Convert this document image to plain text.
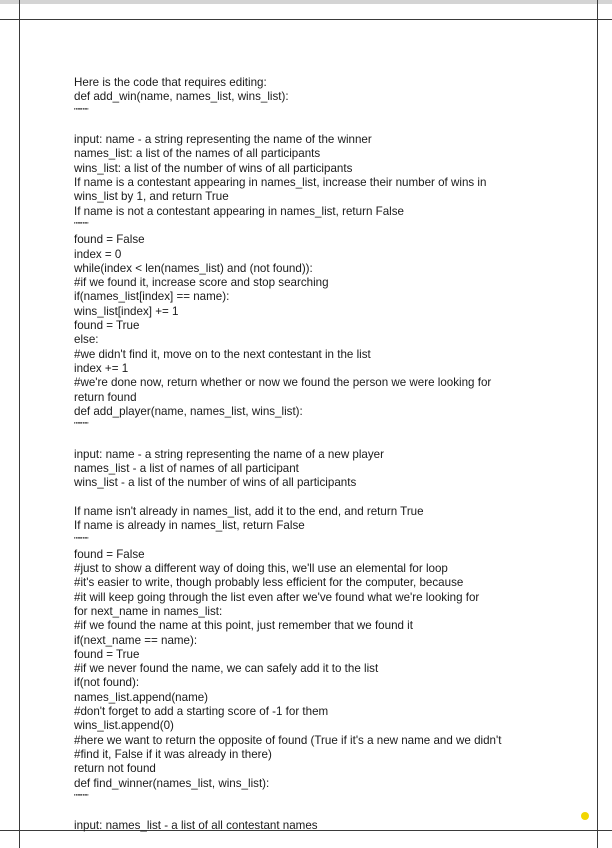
Here is the code that requires editing:
def add_win(name, names_list, wins_list):
""""""
input: name - a string representing the name of the winner
names_list: a list of the names of all participants
wins_list: a list of the number of wins of all participants
If name is a contestant appearing in names_list, increase their number of wins in
wins_list by 1, and return True
If name is not a contestant appearing in names_list, return False
""""""
found = False
index = 0
while(index < len(names_list) and (not found)):
#if we found it, increase score and stop searching
if(names_list[index] == name):
wins_list[index] += 1
found = True
else:
#we didn't find it, move on to the next contestant in the list
index += 1
#we're done now, return whether or now we found the person we were looking for
return found
def add_player(name, names_list, wins_list):
""""""
input: name - a string representing the name of a new player
names_list - a list of names of all participant
wins_list - a list of the number of wins of all participants
If name isn't already in names_list, add it to the end, and return True
If name is already in names_list, return False
""""""
found = False
#just to show a different way of doing this, we'll use an elemental for loop
#it's easier to write, though probably less efficient for the computer, because
#it will keep going through the list even after we've found what we're looking for
for next_name in names_list:
#if we found the name at this point, just remember that we found it
if(next_name == name):
found = True
#if we never found the name, we can safely add it to the list
if(not found):
names_list.append(name)
#don't forget to add a starting score of -1 for them
wins_list.append(0)
#here we want to return the opposite of found (True if it's a new name and we didn't
#find it, False if it was already in there)
return not found
def find_winner(names_list, wins_list):
""""""
input: names_list - a list of all contestant names
